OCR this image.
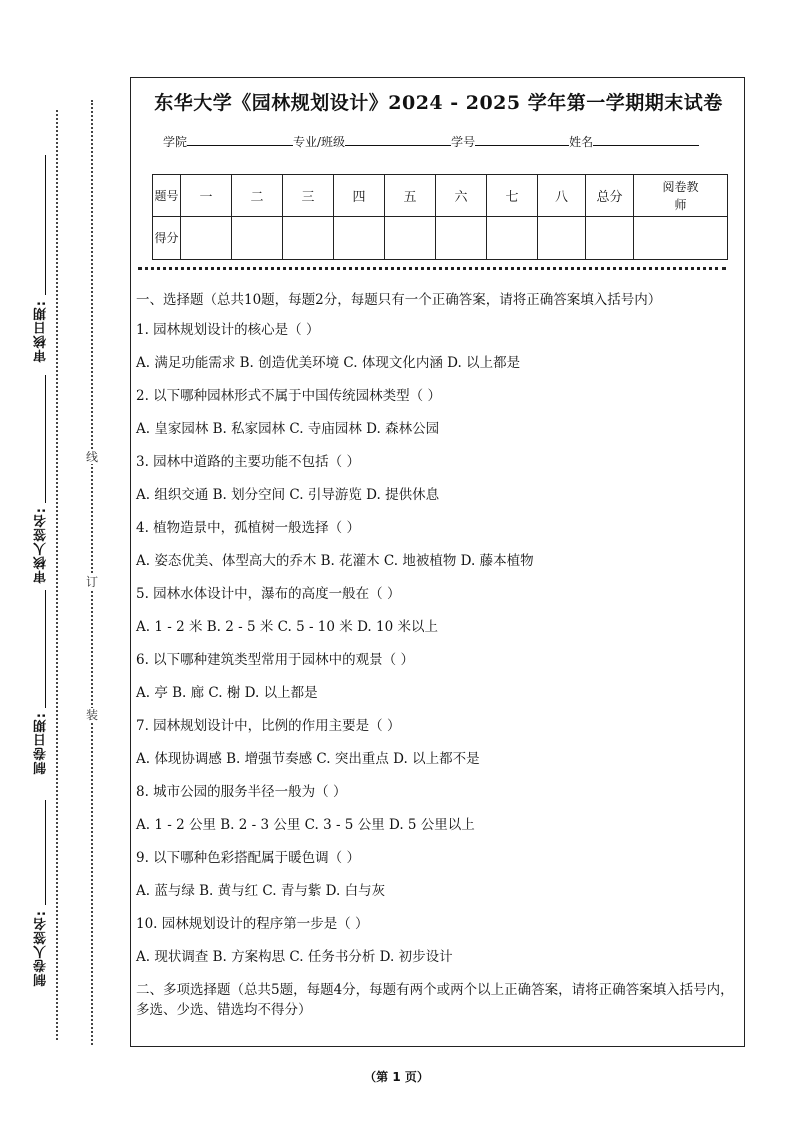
审核日期:
审核人签名:
制卷日期:
制卷人签名:
线
订
装
东华大学《园林规划设计》2024 - 2025 学年第一学期期末试卷
学院	专业/班级	学号	姓名
题号	一	二	三	四	五	六	七	八	总分	阅卷教师
得分										
一、选择题（总共10题，每题2分，每题只有一个正确答案，请将正确答案填入括号内）
1. 园林规划设计的核心是（ ）
A. 满足功能需求 B. 创造优美环境 C. 体现文化内涵 D. 以上都是
2. 以下哪种园林形式不属于中国传统园林类型（ ）
A. 皇家园林 B. 私家园林 C. 寺庙园林 D. 森林公园
3. 园林中道路的主要功能不包括（ ）
A. 组织交通 B. 划分空间 C. 引导游览 D. 提供休息
4. 植物造景中，孤植树一般选择（ ）
A. 姿态优美、体型高大的乔木 B. 花灌木 C. 地被植物 D. 藤本植物
5. 园林水体设计中，瀑布的高度一般在（ ）
A. 1 - 2 米 B. 2 - 5 米 C. 5 - 10 米 D. 10 米以上
6. 以下哪种建筑类型常用于园林中的观景（ ）
A. 亭 B. 廊 C. 榭 D. 以上都是
7. 园林规划设计中，比例的作用主要是（ ）
A. 体现协调感 B. 增强节奏感 C. 突出重点 D. 以上都不是
8. 城市公园的服务半径一般为（ ）
A. 1 - 2 公里 B. 2 - 3 公里 C. 3 - 5 公里 D. 5 公里以上
9. 以下哪种色彩搭配属于暖色调（ ）
A. 蓝与绿 B. 黄与红 C. 青与紫 D. 白与灰
10. 园林规划设计的程序第一步是（ ）
A. 现状调查 B. 方案构思 C. 任务书分析 D. 初步设计
二、多项选择题（总共5题，每题4分，每题有两个或两个以上正确答案，请将正确答案填入括号内，多选、少选、错选均不得分）
（第 1 页）
